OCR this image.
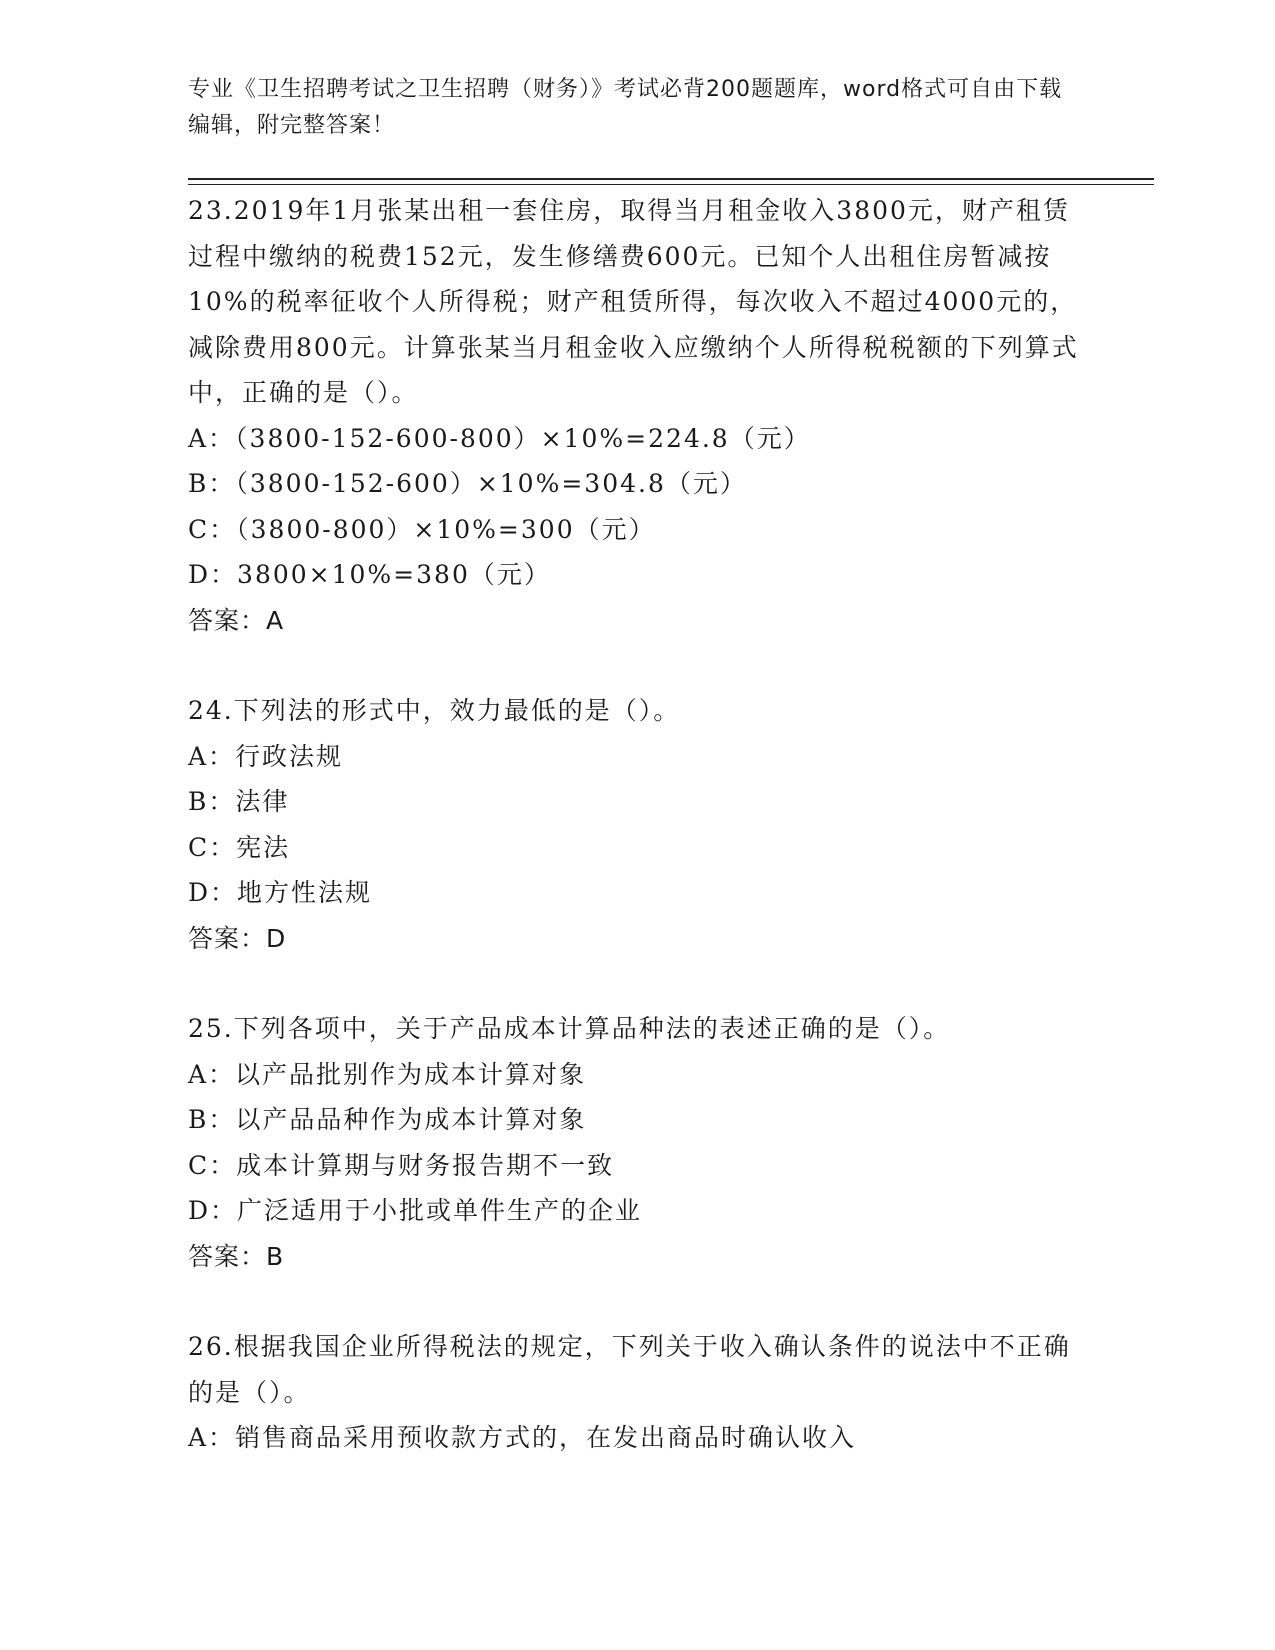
专业《卫生招聘考试之卫生招聘（财务）》考试必背200题题库，word格式可自由下载编辑，附完整答案！

23.2019年1月张某出租一套住房，取得当月租金收入3800元，财产租赁过程中缴纳的税费152元，发生修缮费600元。已知个人出租住房暂减按10%的税率征收个人所得税；财产租赁所得，每次收入不超过4000元的，减除费用800元。计算张某当月租金收入应缴纳个人所得税税额的下列算式中，正确的是（）。

A：（3800-152-600-800）×10%=224.8（元）

B：（3800-152-600）×10%=304.8（元）

C：（3800-800）×10%=300（元）

D：3800×10%=380（元）

答案：A

24.下列法的形式中，效力最低的是（）。

A：行政法规

B：法律

C：宪法

D：地方性法规

答案：D

25.下列各项中，关于产品成本计算品种法的表述正确的是（）。

A：以产品批别作为成本计算对象

B：以产品品种作为成本计算对象

C：成本计算期与财务报告期不一致

D：广泛适用于小批或单件生产的企业

答案：B

26.根据我国企业所得税法的规定，下列关于收入确认条件的说法中不正确的是（）。

A：销售商品采用预收款方式的，在发出商品时确认收入
